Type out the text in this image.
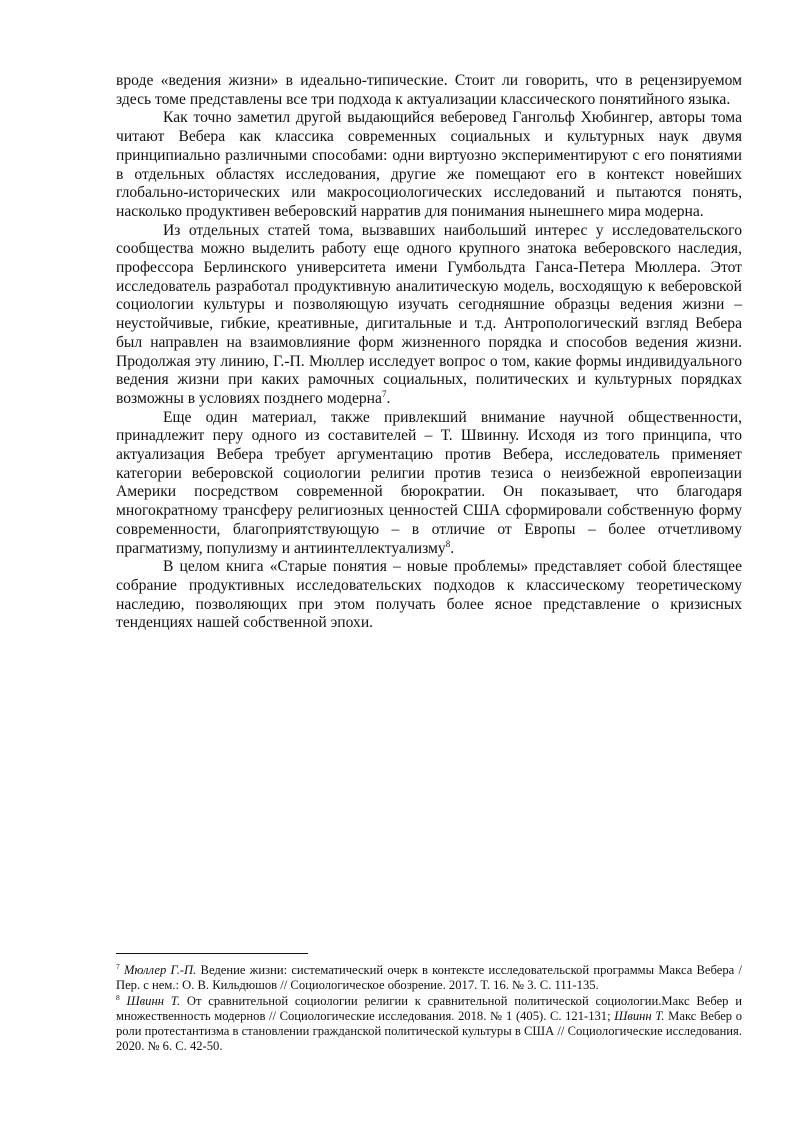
вроде «ведения жизни» в идеально-типические. Стоит ли говорить, что в рецензируемом здесь томе представлены все три подхода к актуализации классического понятийного языка.

Как точно заметил другой выдающийся веберовед Гангольф Хюбингер, авторы тома читают Вебера как классика современных социальных и культурных наук двумя принципиально различными способами: одни виртуозно экспериментируют с его понятиями в отдельных областях исследования, другие же помещают его в контекст новейших глобально-исторических или макросоциологических исследований и пытаются понять, насколько продуктивен веберовский нарратив для понимания нынешнего мира модерна.

Из отдельных статей тома, вызвавших наибольший интерес у исследовательского сообщества можно выделить работу еще одного крупного знатока веберовского наследия, профессора Берлинского университета имени Гумбольдта Ганса-Петера Мюллера. Этот исследователь разработал продуктивную аналитическую модель, восходящую к веберовской социологии культуры и позволяющую изучать сегодняшние образцы ведения жизни – неустойчивые, гибкие, креативные, дигитальные и т.д. Антропологический взгляд Вебера был направлен на взаимовлияние форм жизненного порядка и способов ведения жизни. Продолжая эту линию, Г.-П. Мюллер исследует вопрос о том, какие формы индивидуального ведения жизни при каких рамочных социальных, политических и культурных порядках возможны в условиях позднего модерна$^7$.

Еще один материал, также привлекший внимание научной общественности, принадлежит перу одного из составителей – Т. Швинну. Исходя из того принципа, что актуализация Вебера требует аргументацию против Вебера, исследователь применяет категории веберовской социологии религии против тезиса о неизбежной европеизации Америки посредством современной бюрократии. Он показывает, что благодаря многократному трансферу религиозных ценностей США сформировали собственную форму современности, благоприятствующую – в отличие от Европы – более отчетливому прагматизму, популизму и антиинтеллектуализму$^8$.

В целом книга «Старые понятия – новые проблемы» представляет собой блестящее собрание продуктивных исследовательских подходов к классическому теоретическому наследию, позволяющих при этом получать более ясное представление о кризисных тенденциях нашей собственной эпохи.

$^7$ Мюллер Г.-П. Ведение жизни: систематический очерк в контексте исследовательской программы Макса Вебера / Пер. с нем.: О. В. Кильдюшов // Социологическое обозрение. 2017. Т. 16. № 3. С. 111-135.

$^8$ Швинн Т. От сравнительной социологии религии к сравнительной политической социологии.Макс Вебер и множественность модернов // Социологические исследования. 2018. № 1 (405). С. 121-131; Швинн Т. Макс Вебер о роли протестантизма в становлении гражданской политической культуры в США // Социологические исследования. 2020. № 6. С. 42-50.
